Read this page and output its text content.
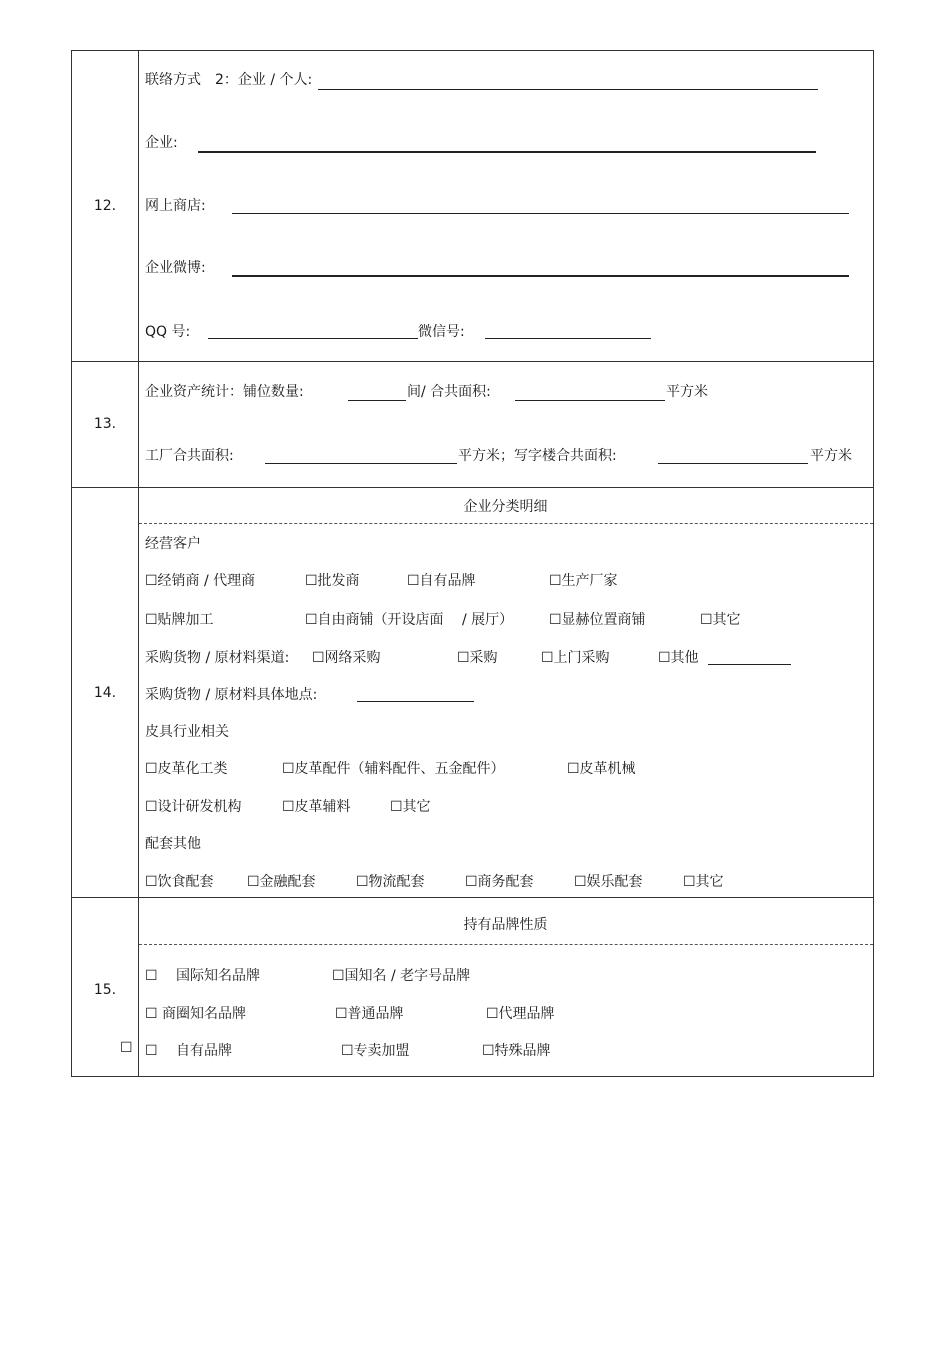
12.
联络方式　2：企业 / 个人:
企业:
网上商店:
企业微博:
QQ 号:	微信号:
13.
企业资产统计：铺位数量:	间/ 合共面积:	平方米
工厂合共面积:	平方米；写字楼合共面积:	平方米
14.
企业分类明细
经营客户
☐经销商 / 代理商	☐批发商	☐自有品牌	☐生产厂家
☐贴牌加工	☐自由商铺（开设店面　 / 展厅）	☐显赫位置商铺	☐其它
采购货物 / 原材料渠道: ☐网络采购	☐采购	☐上门采购	☐其他
采购货物 / 原材料具体地点:
皮具行业相关
☐皮革化工类	☐皮革配件（辅料配件、五金配件）	☐皮革机械
☐设计研发机构	☐皮革辅料	☐其它
配套其他
☐饮食配套 ☐金融配套	☐物流配套	☐商务配套	☐娱乐配套	☐其它
15.
☐
持有品牌性质
☐　 国际知名品牌	☐国知名 / 老字号品牌
☐ 商圈知名品牌	☐普通品牌	☐代理品牌
☐　 自有品牌	☐专卖加盟	☐特殊品牌
